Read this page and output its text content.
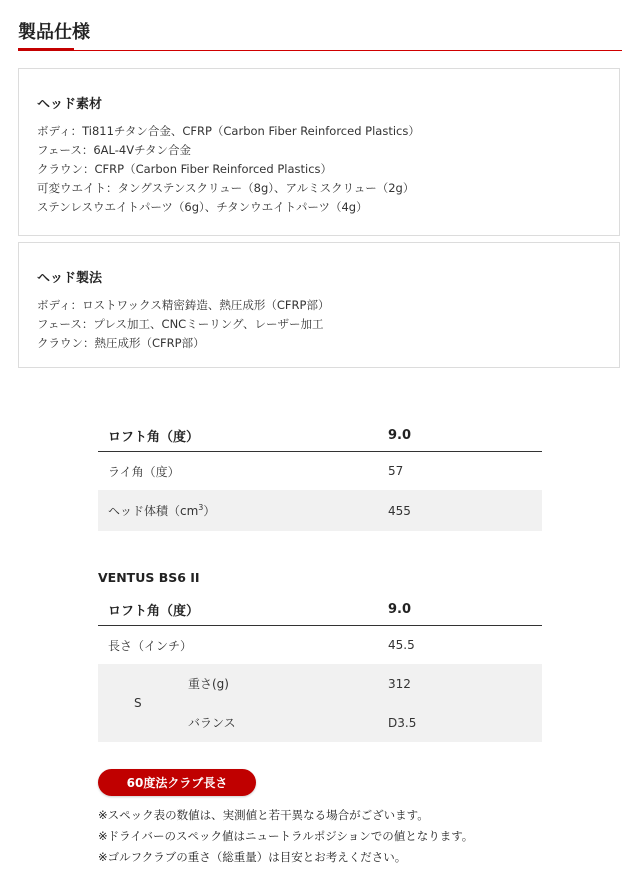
製品仕様
ヘッド素材
ボディ：Ti811チタン合金、CFRP（Carbon Fiber Reinforced Plastics）
フェース：6AL-4Vチタン合金
クラウン：CFRP（Carbon Fiber Reinforced Plastics）
可変ウエイト：タングステンスクリュー（8g）、アルミスクリュー（2g）
ステンレスウエイトパーツ（6g）、チタンウエイトパーツ（4g）
ヘッド製法
ボディ：ロストワックス精密鋳造、熱圧成形（CFRP部）
フェース：プレス加工、CNCミーリング、レーザー加工
クラウン：熱圧成形（CFRP部）
ロフト角（度）	9.0
ライ角（度）	57
ヘッド体積$(cm^3)$	455
VENTUS BS6 II
ロフト角（度）	9.0
長さ（インチ）	45.5
S
重さ(g)	312
バランス	D3.5
60度法クラブ長さ
※スペック表の数値は、実測値と若干異なる場合がございます。
※ドライバーのスペック値はニュートラルポジションでの値となります。
※ゴルフクラブの重さ（総重量）は目安とお考えください。
